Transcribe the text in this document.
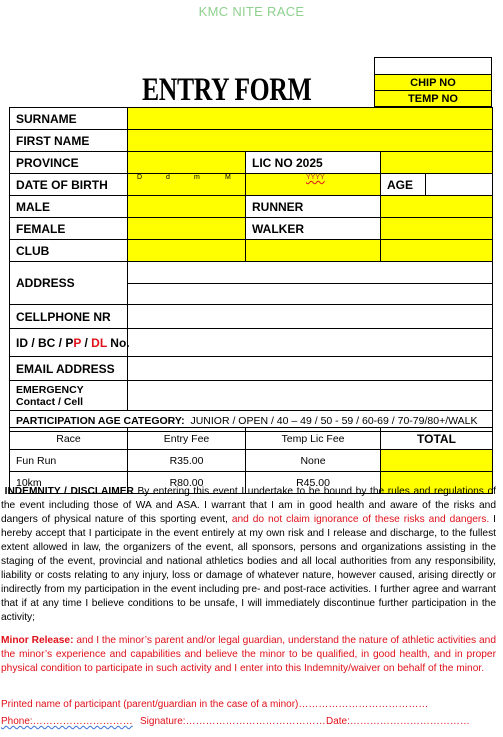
KMC NITE RACE
ENTRY FORM	CHIP NO
TEMP NO
SURNAME				
FIRST NAME				
PROVINCE		LIC NO 2025		
DATE OF BIRTH	D d m M	YYYY	AGE	
MALE		RUNNER		
FEMALE		WALKER		
CLUB				
ADDRESS				

CELLPHONE NR				
ID / BC / PP / DL No.				
EMAIL ADDRESS				

EMERGENCY
Contact / Cell				

PARTICIPATION AGE CATEGORY: JUNIOR / OPEN / 40 – 49 / 50 - 59 / 60-69 / 70-79/80+/WALK				
Race	Entry Fee	Temp Lic Fee	TOTAL
Fun Run	R35.00	None	
10km	R80.00	R45.00	
INDEMNITY / DISCLAIMER By entering this event I undertake to be bound by the rules and regulations of the event including those of WA and ASA. I warrant that I am in good health and aware of the risks and dangers of physical nature of this sporting event, and do not claim ignorance of these risks and dangers. I hereby accept that I participate in the event entirely at my own risk and I release and discharge, to the fullest extent allowed in law, the organizers of the event, all sponsors, persons and organizations assisting in the staging of the event, provincial and national athletics bodies and all local authorities from any responsibility, liability or costs relating to any injury, loss or damage of whatever nature, however caused, arising directly or indirectly from my participation in the event including pre- and post-race activities. I further agree and warrant that if at any time I believe conditions to be unsafe, I will immediately discontinue further participation in the activity;
Minor Release: and I the minor’s parent and/or legal guardian, understand the nature of athletic activities and the minor’s experience and capabilities and believe the minor to be qualified, in good health, and in proper physical condition to participate in such activity and I enter into this Indemnity/waiver on behalf of the minor.
Printed name of participant (parent/guardian in the case of a minor)…………………………………
Phone:………………………… Signature:…………………………………… Date:………………………………
